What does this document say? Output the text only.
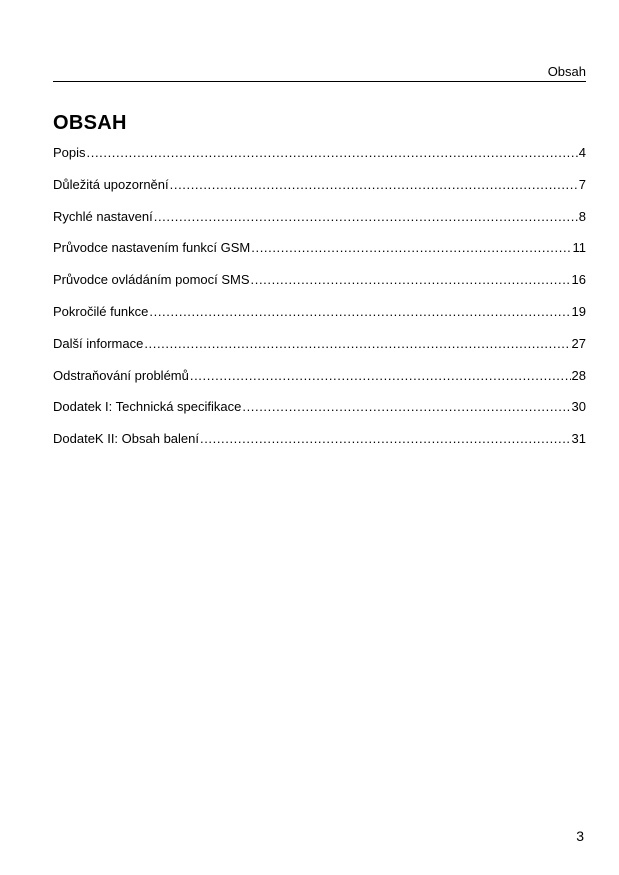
Obsah
OBSAH
Popis .....	4
Důležitá upozornění .....	7
Rychlé nastavení .....	8
Průvodce nastavením funkcí GSM .....	11
Průvodce ovládáním pomocí SMS .....	16
Pokročilé funkce .....	19
Další informace .....	27
Odstraňování problémů .....	28
Dodatek I: Technická specifikace .....	30
DodateK II: Obsah balení .....	31
3
